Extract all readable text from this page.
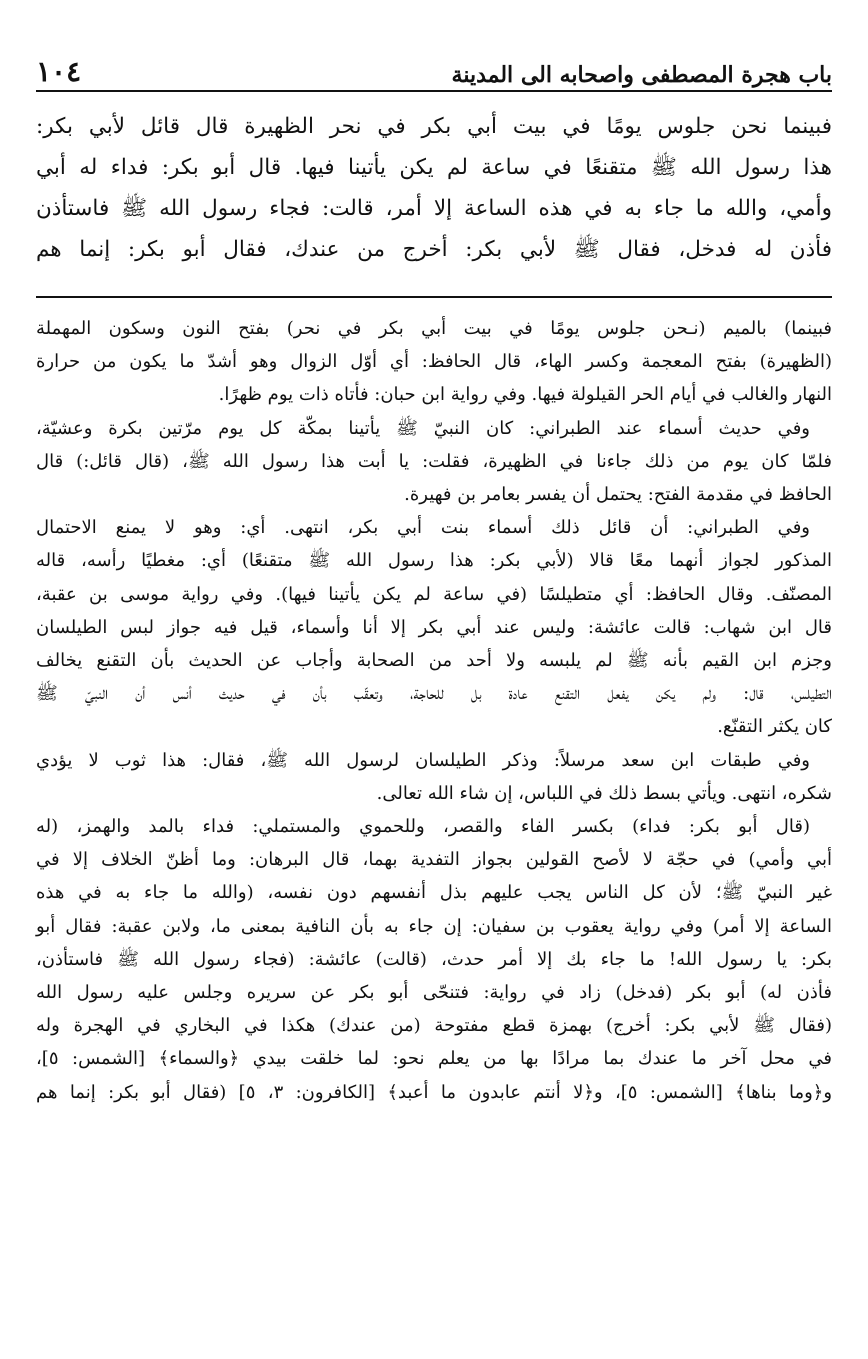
باب هجرة المصطفى واصحابه الى المدينة
١٠٤

فبينما نحن جلوس يومًا في بيت أبي بكر في نحر الظهيرة قال قائل لأبي بكر:

هذا رسول الله ﷺ متقنعًا في ساعة لم يكن يأتينا فيها. قال أبو بكر: فداء له أبي

وأمي، والله ما جاء به في هذه الساعة إلا أمر، قالت: فجاء رسول الله ﷺ فاستأذن

فأذن له فدخل، فقال ﷺ لأبي بكر: أخرج من عندك، فقال أبو بكر: إنما هم

فبينما) بالميم (نـحن جلوس يومًا في بيت أبي بكر في نحر) بفتح النون وسكون المهملة

(الظهيرة) بفتح المعجمة وكسر الهاء، قال الحافظ: أي أوّل الزوال وهو أشدّ ما يكون من حرارة

النهار والغالب في أيام الحر القيلولة فيها. وفي رواية ابن حبان: فأتاه ذات يوم ظهرًا.

وفي حديث أسماء عند الطبراني: كان النبيّ ﷺ يأتينا بمكّة كل يوم مرّتين بكرة وعشيّة،

فلمّا كان يوم من ذلك جاءنا في الظهيرة، فقلت: يا أبت هذا رسول الله ﷺ، (قال قائل:) قال

الحافظ في مقدمة الفتح: يحتمل أن يفسر بعامر بن فهيرة.

وفي الطبراني: أن قائل ذلك أسماء بنت أبي بكر، انتهى. أي: وهو لا يمنع الاحتمال

المذكور لجواز أنهما معًا قالا (لأبي بكر: هذا رسول الله ﷺ متقنعًا) أي: مغطيًا رأسه، قاله

المصنّف. وقال الحافظ: أي متطيلسًا (في ساعة لم يكن يأتينا فيها). وفي رواية موسى بن عقبة،

قال ابن شهاب: قالت عائشة: وليس عند أبي بكر إلا أنا وأسماء، قيل فيه جواز لبس الطيلسان

وجزم ابن القيم بأنه ﷺ لم يلبسه ولا أحد من الصحابة وأجاب عن الحديث بأن التقنع يخالف

التطيلس، قال: ولم يكن يفعل التقنع عادة بل للحاجة، وتعقّب بأن في حديث أنس أن النبيّ ﷺ

كان يكثر التقنّع.

وفي طبقات ابن سعد مرسلاً: وذكر الطيلسان لرسول الله ﷺ، فقال: هذا ثوب لا يؤدي

شكره، انتهى. ويأتي بسط ذلك في اللباس، إن شاء الله تعالى.

(قال أبو بكر: فداء) بكسر الفاء والقصر، وللحموي والمستملي: فداء بالمد والهمز، (له

أبي وأمي) في حجّة لا لأصح القولين بجواز التفدية بهما، قال البرهان: وما أظنّ الخلاف إلا في

غير النبيّ ﷺ؛ لأن كل الناس يجب عليهم بذل أنفسهم دون نفسه، (والله ما جاء به في هذه

الساعة إلا أمر) وفي رواية يعقوب بن سفيان: إن جاء به بأن النافية بمعنى ما، ولابن عقبة: فقال أبو

بكر: يا رسول الله! ما جاء بك إلا أمر حدث، (قالت) عائشة: (فجاء رسول الله ﷺ فاستأذن،

فأذن له) أبو بكر (فدخل) زاد في رواية: فتنحّى أبو بكر عن سريره وجلس عليه رسول الله

(فقال ﷺ لأبي بكر: أخرج) بهمزة قطع مفتوحة (من عندك) هكذا في البخاري في الهجرة وله

في محل آخر ما عندك بما مرادًا بها من يعلم نحو: لما خلقت بيدي ﴿والسماء﴾ [الشمس: ٥]،

و﴿وما بناها﴾ [الشمس: ٥]، و﴿لا أنتم عابدون ما أعبد﴾ [الكافرون: ٣، ٥] (فقال أبو بكر: إنما هم
